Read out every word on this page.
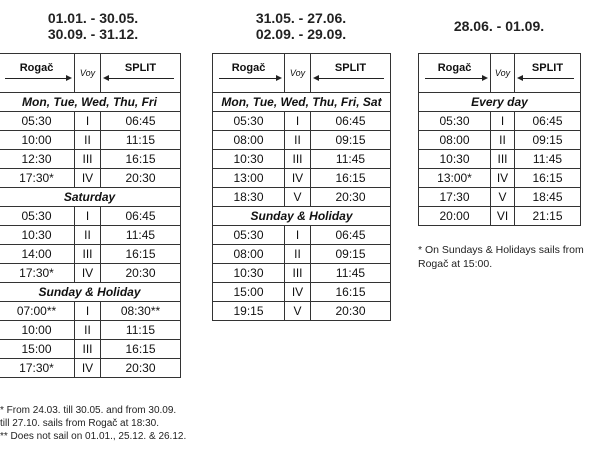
01.01. - 30.05.
30.09. - 31.12.
31.05. - 27.06.
02.09. - 29.09.	28.06. - 01.09.
Rogač	Voy	SPLIT

Mon, Tue, Wed, Thu, Fri		
05:30	I	06:45
10:00	II	11:15
12:30	III	16:15
17:30*	IV	20:30
Saturday		
05:30	I	06:45
10:30	II	11:45
14:00	III	16:15
17:30*	IV	20:30
Sunday & Holiday		
07:00**	I	08:30**
10:00	II	11:15
15:00	III	16:15
17:30*	IV	20:30
* From 24.03. till 30.05. and from 30.09.
till 27.10. sails from Rogač at 18:30.
** Does not sail on 01.01., 25.12. & 26.12.
Rogač	Voy	SPLIT

Mon, Tue, Wed, Thu, Fri, Sat		
05:30	I	06:45
08:00	II	09:15
10:30	III	11:45
13:00	IV	16:15
18:30	V	20:30
Sunday & Holiday		
05:30	I	06:45
08:00	II	09:15
10:30	III	11:45
15:00	IV	16:15
19:15	V	20:30
Rogač	Voy	SPLIT

Every day		
05:30	I	06:45
08:00	II	09:15
10:30	III	11:45
13:00*	IV	16:15
17:30	V	18:45
20:00	VI	21:15
* On Sundays & Holidays sails from
Rogač at 15:00.
